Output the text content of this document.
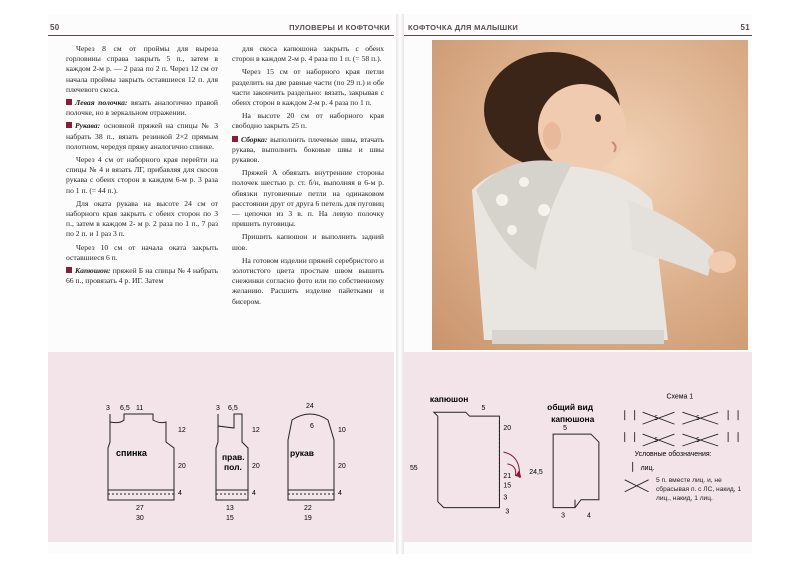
50	ПУЛОВЕРЫ И КОФТОЧКИ

Через 8 см от проймы для выреза горловины справа закрыть 5 п., затем в каждом 2-м р. — 2 раза по 2 п. Через 12 см от начала проймы закрыть оставшиеся 12 п. для плечевого скоса.

Левая полочка: вязать аналогично правой полочке, но в зеркальном отражении.

Рукава: основной пряжей на спицы № 3 набрать 38 п., вязать резинкой 2×2 прямым полотном, чередуя пряжу аналогично спинке.

Через 4 см от наборного края перейти на спицы № 4 и вязать ЛГ, прибавляя для скосов рукава с обеих сторон в каждом 6-м р. 3 раза по 1 п. (= 44 п.).

Для оката рукава на высоте 24 см от наборного края закрыть с обеих сторон по 3 п., затем в каждом 2- м р. 2 раза по 1 п., 7 раз по 2 п. и 1 раз 3 п.

Через 10 см от начала оката закрыть оставшиеся 6 п.

Капюшон: пряжей Б на спицы № 4 набрать 66 п., провязать 4 р. ИГ. Затем

для скоса капюшона закрыть с обеих сторон в каждом 2-м р. 4 раза по 1 п. (= 58 п.).

Через 15 см от наборного края петли разделить на две равные части (по 29 п.) и обе части закончить раздельно: вязать, закрывая с обеих сторон в каждом 2-м р. 4 раза по 1 п.

На высоте 20 см от наборного края свободно закрыть 25 п.

Сборка: выполнить плечевые швы, втачать рукава, выполнить боковые швы и швы рукавов.

Пряжей А обвязать внутренние стороны полочек шестью р. ст. б/н, выполняя в 6-м р. обвязки пуговичные петли на одинаковом расстоянии друг от друга 6 петель для пуговиц — цепочки из 3 в. п. На левую полочку пришить пуговицы.

Пришить капюшон и выполнить задний шов.

На готовом изделии пряжей серебристого и золотистого цвета простым швом вышить снежинки согласно фото или по собственному желанию. Расшить изделие пайетками и бисером.

КОФТОЧКА ДЛЯ МАЛЫШКИ	51
спинка
3 6,5 11
12
20
4
27
30
прав.
пол.
3 6,5
12
20
4
13
15
рукав
24
6
10
20
4
22
19
капюшон
55
20
15
3
21
5
3
общий вид
капюшона
5
24,5
3	4
Схема 1
5	5
5	5
Условные обозначения:
лиц.
5 п. вместе лиц. и, не сбрасывая п. с ЛС, накид, 1 лиц., накид, 1 лиц.
